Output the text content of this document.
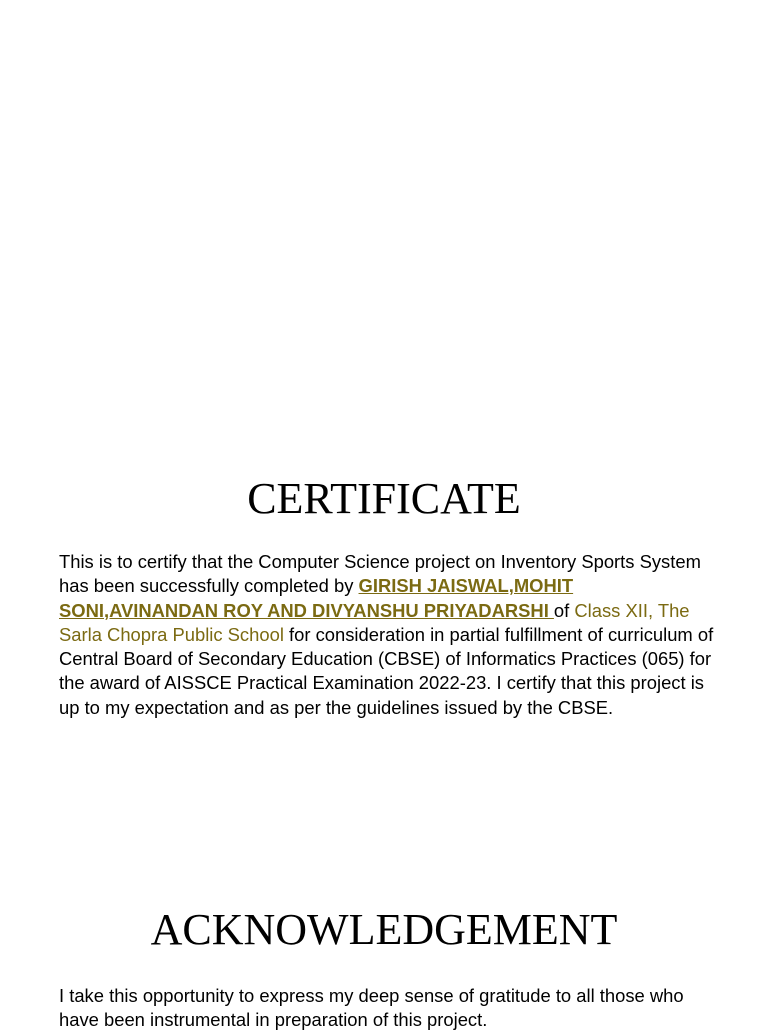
CERTIFICATE

This is to certify that the Computer Science project on Inventory Sports System has been successfully completed by GIRISH JAISWAL,MOHIT SONI,AVINANDAN ROY AND DIVYANSHU PRIYADARSHI of Class XII, The Sarla Chopra Public School for consideration in partial fulfillment of curriculum of Central Board of Secondary Education (CBSE) of Informatics Practices (065) for the award of AISSCE Practical Examination 2022-23. I certify that this project is up to my expectation and as per the guidelines issued by the CBSE.

ACKNOWLEDGEMENT

I take this opportunity to express my deep sense of gratitude to all those who have been instrumental in preparation of this project.
